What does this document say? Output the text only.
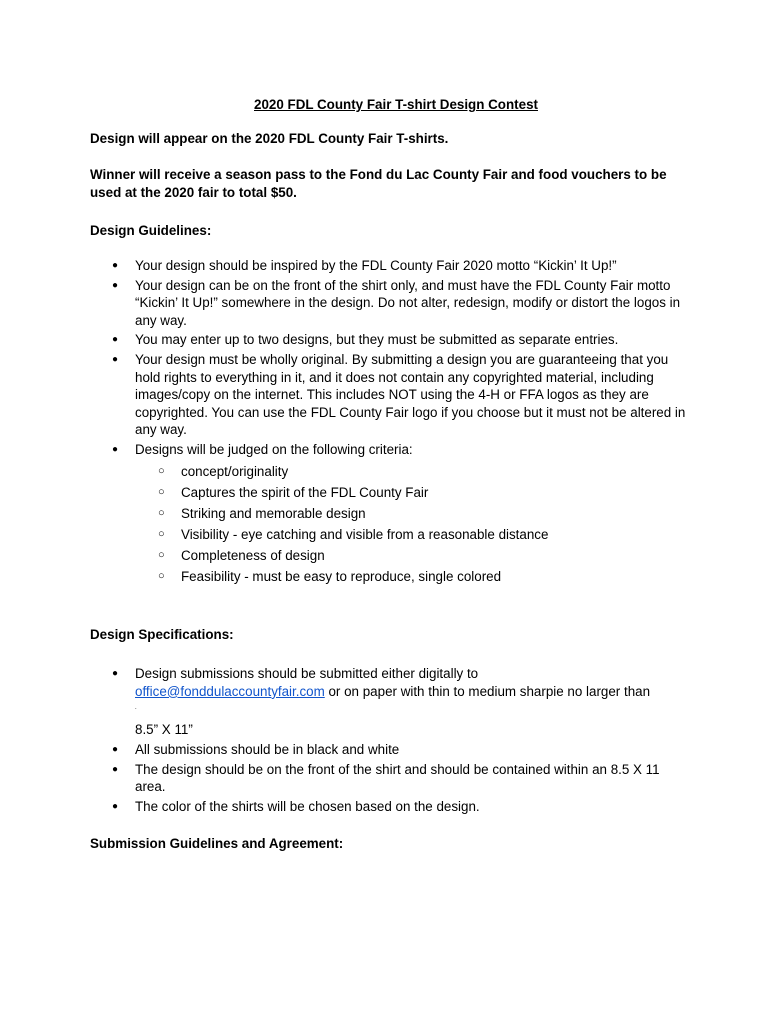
2020 FDL County Fair T-shirt Design Contest

Design will appear on the 2020 FDL County Fair T-shirts.

Winner will receive a season pass to the Fond du Lac County Fair and food vouchers to be used at the 2020 fair to total $50.

Design Guidelines:

● Your design should be inspired by the FDL County Fair 2020 motto “Kickin’ It Up!”
● Your design can be on the front of the shirt only, and must have the FDL County Fair motto “Kickin’ It Up!” somewhere in the design. Do not alter, redesign, modify or distort the logos in any way.
● You may enter up to two designs, but they must be submitted as separate entries.
● Your design must be wholly original. By submitting a design you are guaranteeing that you hold rights to everything in it, and it does not contain any copyrighted material, including images/copy on the internet. This includes NOT using the 4-H or FFA logos as they are copyrighted. You can use the FDL County Fair logo if you choose but it must not be altered in any way.
● Designs will be judged on the following criteria:
○ concept/originality
○ Captures the spirit of the FDL County Fair
○ Striking and memorable design
○ Visibility - eye catching and visible from a reasonable distance
○ Completeness of design
○ Feasibility - must be easy to reproduce, single colored

Design Specifications:

● Design submissions should be submitted either digitally to
office@fonddulaccountyfair.com or on paper with thin to medium sharpie no larger than
.
8.5” X 11”
● All submissions should be in black and white
● The design should be on the front of the shirt and should be contained within an 8.5 X 11 area.
● The color of the shirts will be chosen based on the design.

Submission Guidelines and Agreement:
